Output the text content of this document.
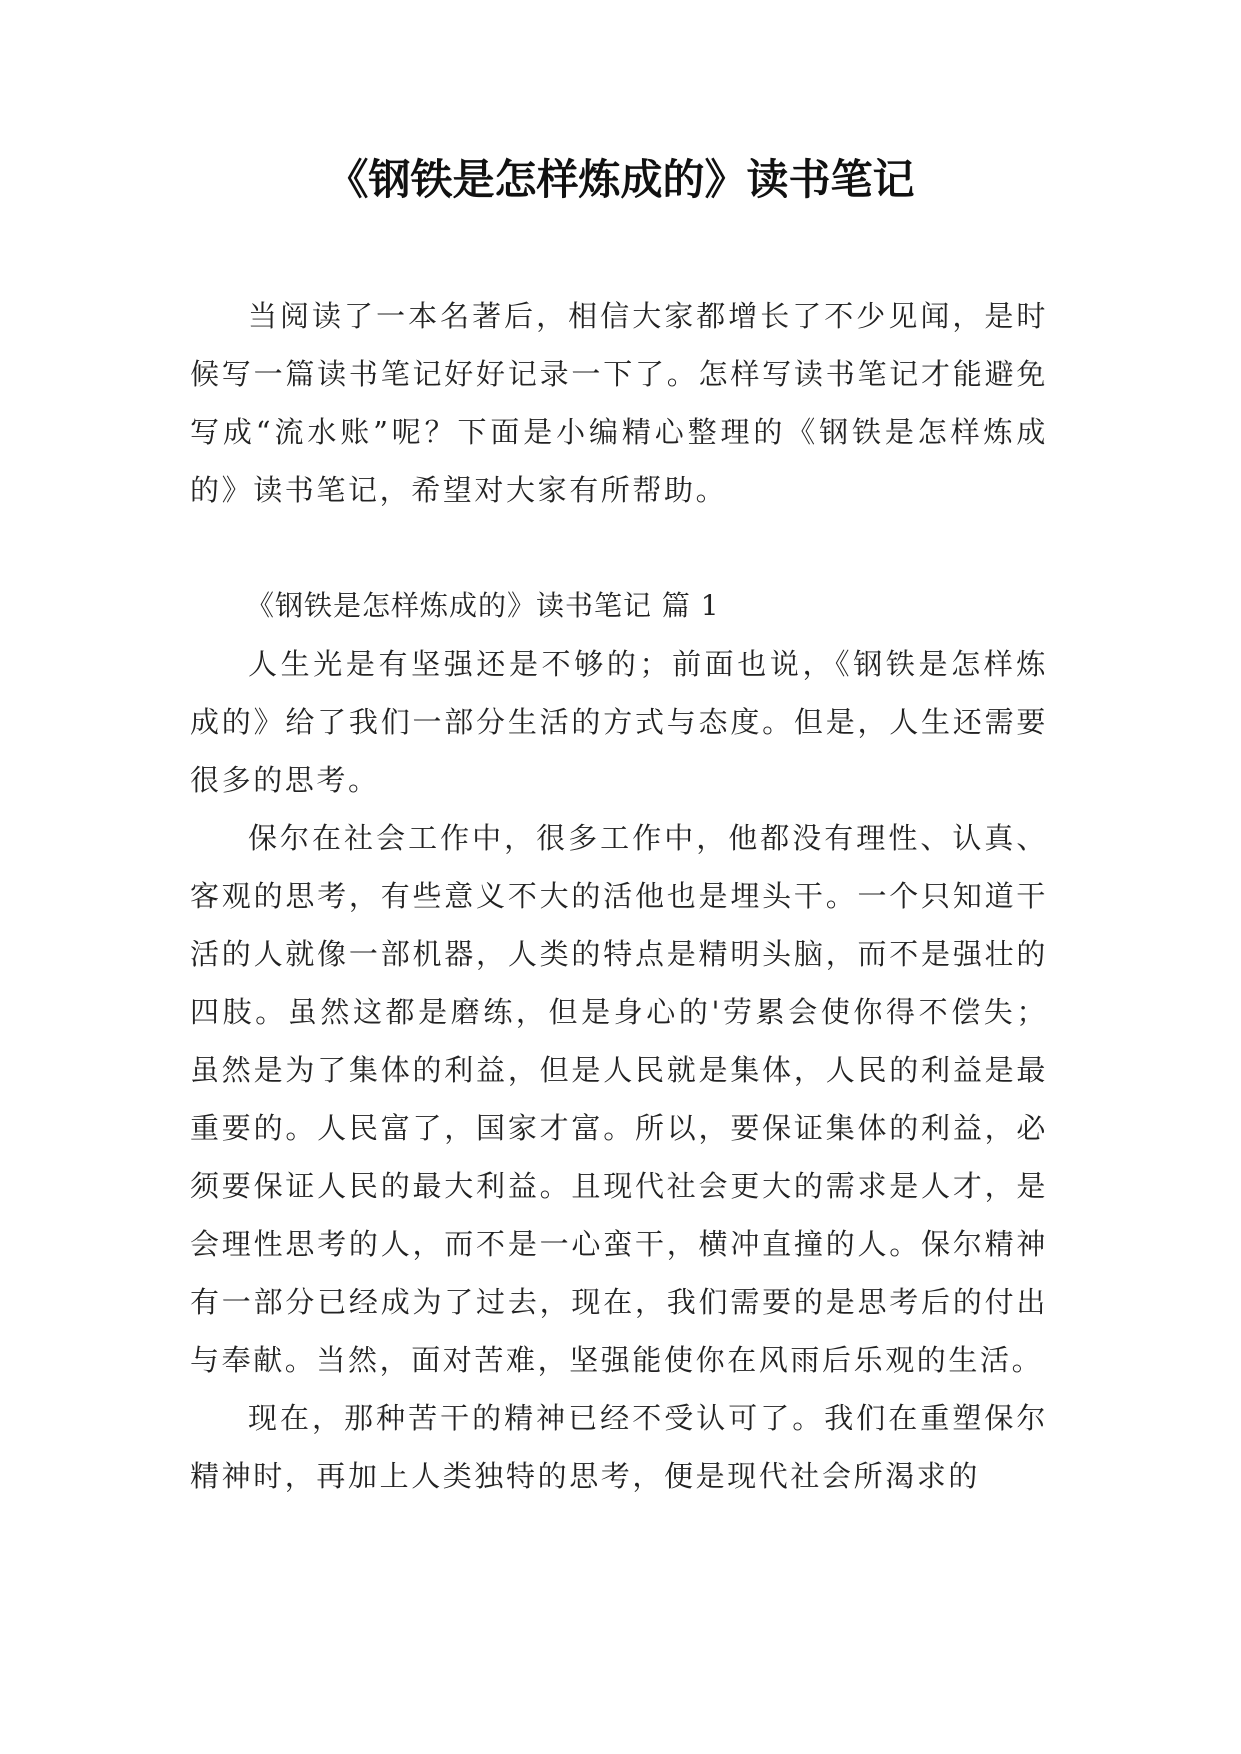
《钢铁是怎样炼成的》读书笔记

当阅读了一本名著后，相信大家都增长了不少见闻，是时候写一篇读书笔记好好记录一下了。怎样写读书笔记才能避免写成“流水账”呢？下面是小编精心整理的《钢铁是怎样炼成的》读书笔记，希望对大家有所帮助。

《钢铁是怎样炼成的》读书笔记 篇 1

人生光是有坚强还是不够的；前面也说，《钢铁是怎样炼成的》给了我们一部分生活的方式与态度。但是，人生还需要很多的思考。

保尔在社会工作中，很多工作中，他都没有理性、认真、客观的思考，有些意义不大的活他也是埋头干。一个只知道干活的人就像一部机器，人类的特点是精明头脑，而不是强壮的四肢。虽然这都是磨练，但是身心的'劳累会使你得不偿失；虽然是为了集体的利益，但是人民就是集体，人民的利益是最重要的。人民富了，国家才富。所以，要保证集体的利益，必须要保证人民的最大利益。且现代社会更大的需求是人才，是会理性思考的人，而不是一心蛮干，横冲直撞的人。保尔精神有一部分已经成为了过去，现在，我们需要的是思考后的付出与奉献。当然，面对苦难，坚强能使你在风雨后乐观的生活。

现在，那种苦干的精神已经不受认可了。我们在重塑保尔精神时，再加上人类独特的思考，便是现代社会所渴求的
